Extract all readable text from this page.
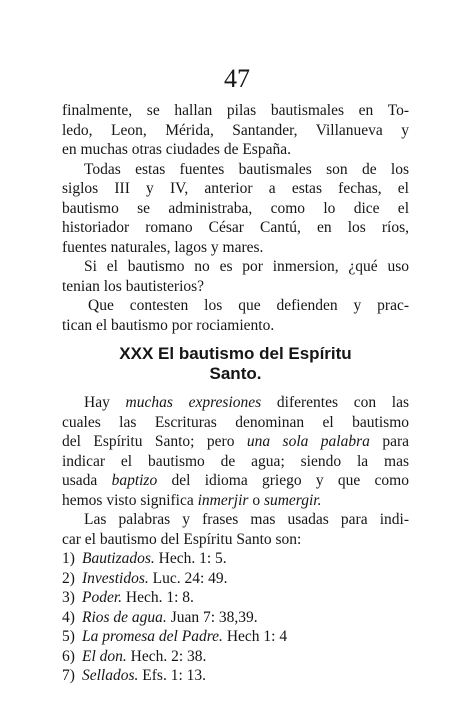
47
finalmente, se hallan pilas bautismales en To-
ledo, Leon, Mérida, Santander, Villanueva y
en muchas otras ciudades de España.
Todas estas fuentes bautismales son de los
siglos III y IV, anterior a estas fechas, el
bautismo se administraba, como lo dice el
historiador romano César Cantú, en los ríos,
fuentes naturales, lagos y mares.
Si el bautismo no es por inmersion, ¿qué uso
tenian los bautisterios?
Que contesten los que defienden y prac-
tican el bautismo por rociamiento.
XXX El bautismo del Espíritu
Santo.
Hay muchas expresiones diferentes con las
cuales las Escrituras denominan el bautismo
del Espíritu Santo; pero una sola palabra para
indicar el bautismo de agua; siendo la mas
usada baptizo del idioma griego y que como
hemos visto significa inmerjir o sumergir.
Las palabras y frases mas usadas para indi-
car el bautismo del Espíritu Santo son:
1) Bautizados. Hech. 1: 5.
2) Investidos. Luc. 24: 49.
3) Poder. Hech. 1: 8.
4) Rios de agua. Juan 7: 38,39.
5) La promesa del Padre. Hech 1: 4
6) El don. Hech. 2: 38.
7) Sellados. Efs. 1: 13.
